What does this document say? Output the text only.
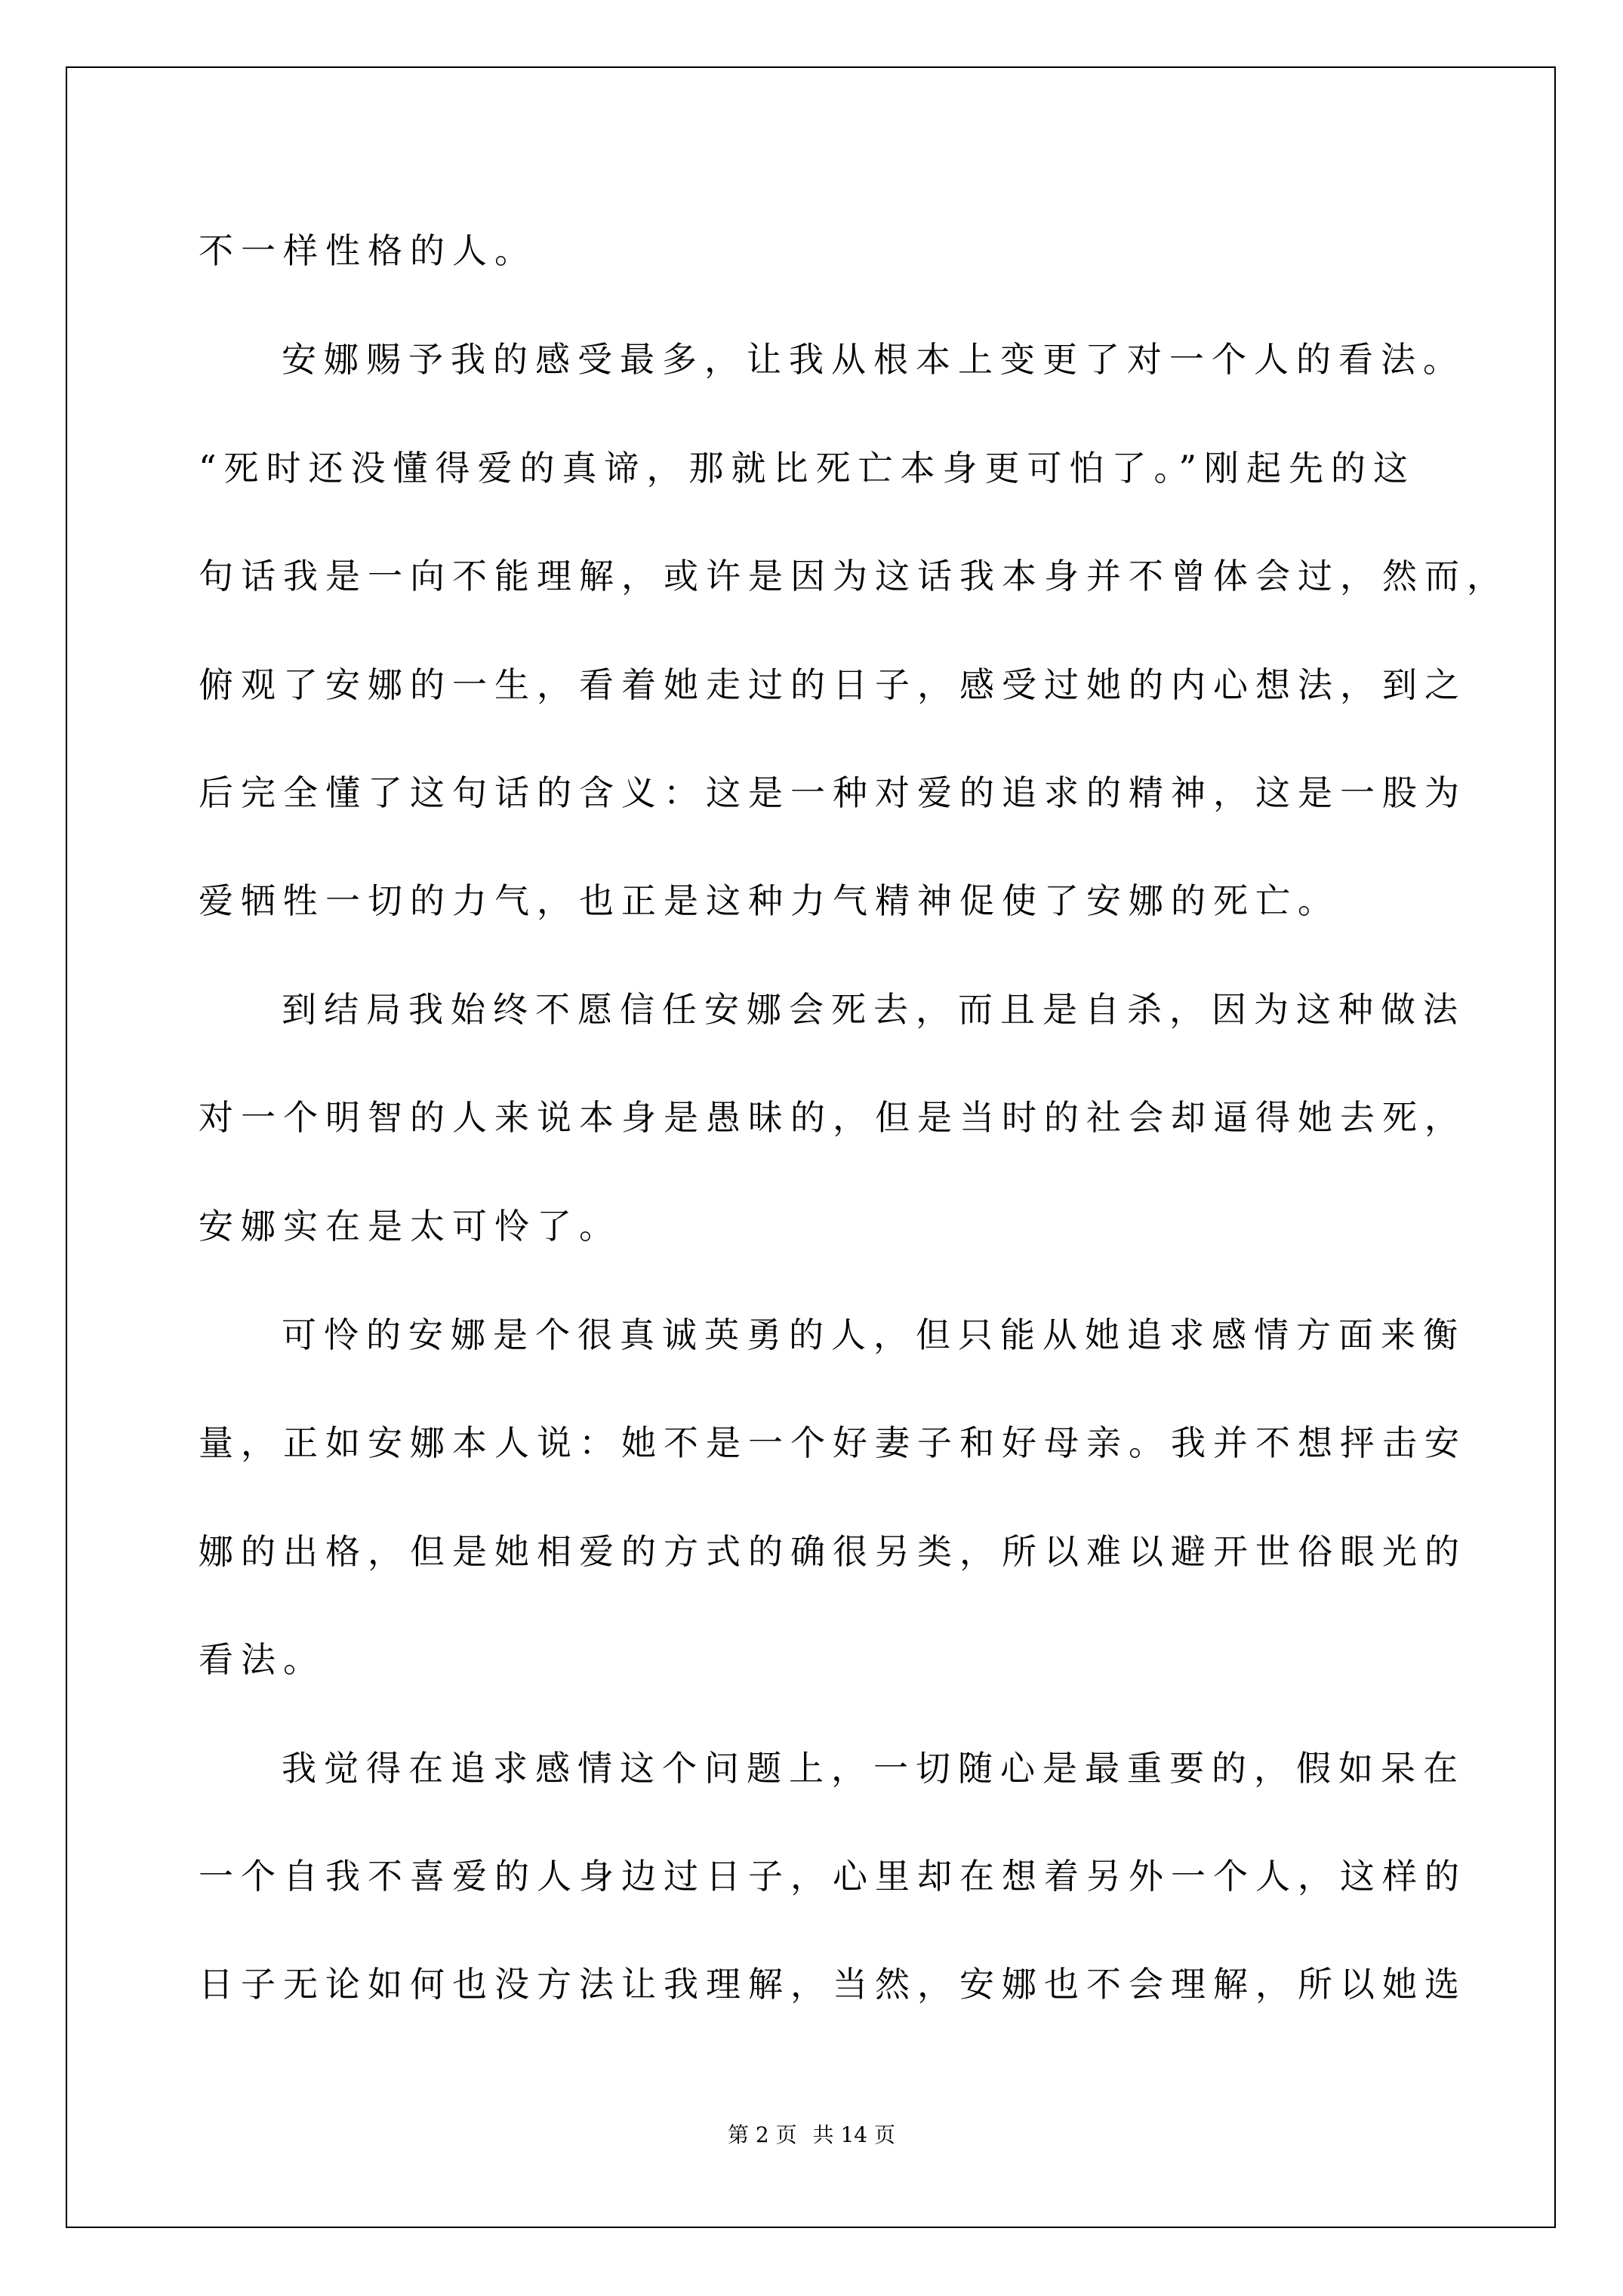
不一样性格的人。
安娜赐予我的感受最多，让我从根本上变更了对一个人的看法。
“死时还没懂得爱的真谛，那就比死亡本身更可怕了。”刚起先的这
句话我是一向不能理解，或许是因为这话我本身并不曾体会过，然而，
俯观了安娜的一生，看着她走过的日子，感受过她的内心想法，到之
后完全懂了这句话的含义：这是一种对爱的追求的精神，这是一股为
爱牺牲一切的力气，也正是这种力气精神促使了安娜的死亡。
到结局我始终不愿信任安娜会死去，而且是自杀，因为这种做法
对一个明智的人来说本身是愚昧的，但是当时的社会却逼得她去死，
安娜实在是太可怜了。
可怜的安娜是个很真诚英勇的人，但只能从她追求感情方面来衡
量，正如安娜本人说：她不是一个好妻子和好母亲。我并不想抨击安
娜的出格，但是她相爱的方式的确很另类，所以难以避开世俗眼光的
看法。
我觉得在追求感情这个问题上，一切随心是最重要的，假如呆在
一个自我不喜爱的人身边过日子，心里却在想着另外一个人，这样的
日子无论如何也没方法让我理解，当然，安娜也不会理解，所以她选
第 2 页 共 14 页
